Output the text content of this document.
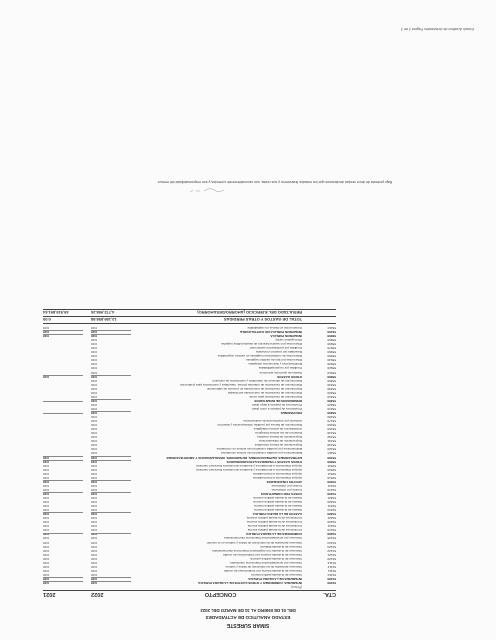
SIMAR SURESTE
ESTADO ANALITICO DE ACTIVIDADES
DEL 01 DE ENERO AL 31 DE MARZO DEL 2022
CTA.
CONCEPTO
2022
2021
(Pesos)
51000
INTERESES, COMISIONES Y OTROS GASTOS DE LA DEUDA PUBLICA
0.00
0.00
54100
INTERESES DE LA DEUDA PUBLICA
0.00
0.00
54110
Intereses de la deuda publica interna
0.00
0.00
54111
Intereses de la deuda interna con instituciones de credito
0.00
0.00
54112
Intereses derivados de la colocacion de titulos y valores
0.00
0.00
54113
Intereses por arrendamientos financieros nacionales
0.00
0.00
54120
Intereses de la deuda publica externa
0.00
0.00
54121
Intereses de la deuda externa con instituciones de credito
0.00
0.00
54122
Intereses de la deuda con organismos financieros internacionales
0.00
0.00
54123
Intereses de la deuda bilateral
0.00
0.00
54124
Intereses derivados de la colocacion de titulos y valores en el exterior
0.00
0.00
54125
Intereses por arrendamientos financieros internacionales
0.00
0.00
54200
COMISIONES DE LA DEUDA PUBLICA
0.00
0.00
54210
Comisiones de la deuda publica interna
0.00
0.00
54211
Comisiones de la deuda publica interna
0.00
0.00
54220
Comisiones de la deuda publica externa
0.00
0.00
54221
Comisiones de la deuda publica externa
0.00
0.00
54300
GASTOS DE LA DEUDA PUBLICA
0.00
0.00
54310
Gastos de la deuda publica interna
0.00
0.00
54311
Gastos de la deuda publica interna
0.00
0.00
54320
Gastos de la deuda publica externa
0.00
0.00
54321
Gastos de la deuda publica externa
0.00
0.00
54400
COSTO POR COBERTURAS
0.00
0.00
54410
Costos por coberturas
0.00
0.00
54411
Costos por coberturas
0.00
0.00
54500
APOYOS FINANCIEROS
0.00
0.00
54510
Apoyos financieros a intermediarios
0.00
0.00
54511
Apoyos financieros a intermediarios
0.00
0.00
54520
Apoyos financieros a ahorradores y deudores del sistema financiero nacional
0.00
0.00
54521
Apoyos financieros a ahorradores y deudores del sistema financiero nacional
0.00
0.00
55000
OTROS GASTOS Y PERDIDAS EXTRAORDINARIAS
0.00
0.00
55100
ESTIMACIONES, DEPRECIACIONES, DETERIOROS, OBSOLESCENCIA Y AMORTIZACIONES
0.00
0.00
55110
Estimaciones por perdida o deterioro de activos circulantes
0.00
55120
Estimaciones por perdida o deterioro de activos no circulantes
0.00
55130
Depreciacion de bienes inmuebles
0.00
55131
Depreciacion de infraestructura
0.00
55132
Depreciacion de bienes muebles
0.00
55140
Deterioro de los activos biologicos
0.00
55150
Amortizacion de activos intangibles
0.00
55160
Disminucion de bienes por perdida, obsolescencia y deterioro
0.00
55170
Aumento por insuficiencia de estimaciones
0.00
55180
0.00
55200
PROVISIONES
0.00
55210
Provisiones de pasivos a corto plazo
0.00
55220
Provisiones de pasivos a largo plazo
0.00
55300
DISMINUCION DE INVENTARIOS
0.00
55310
Disminucion de inventarios para venta
0.00
55320
Disminucion de inventarios de mercancias terminadas
0.00
55330
Disminucion de inventarios de mercancias en proceso de elaboracion
0.00
55340
Disminucion de inventarios de materias primas, materiales y suministros para produccion
0.00
55350
Disminucion de almacen de materiales y suministros de consumo
0.00
55900
OTROS GASTOS
0.00
0.00
55910
Gastos de ejercicios anteriores
0.00
55920
Perdidas por responsabilidades
0.00
55930
Bonificaciones y descuentos otorgados
0.00
55940
Diferencias por tipo de cambio negativas
0.00
55950
Diferencias de cotizaciones negativas en valores negociables
0.00
55960
Resultado por posicion monetaria
0.00
55970
Perdidas por participacion patrimonial
0.00
55980
Diferencias por reestructuracion de deuda publica negativa
0.00
55990
Otros gastos varios
0.00
56000
INVERSION PUBLICA
0.00
0.00
56100
INVERSION PUBLICA NO CAPITALIZABLE
0.00
0.00
56110
Construccion en bienes no capitalizable
0.00
0.00
TOTAL DE GASTOS Y OTRAS PERDIDAS
12,189,858.88
0.00
RESULTADO DEL EJERCICIO (AHORRO/DESAHORRO)
4,772,908.26
45,515,891.64
Bajo protesta de decir verdad declaramos que los estados financieros y sus notas, son razonablemente correctos y son responsabilidad del emisor.
Estado Analitico de Actividades Pagina 3 de 3
